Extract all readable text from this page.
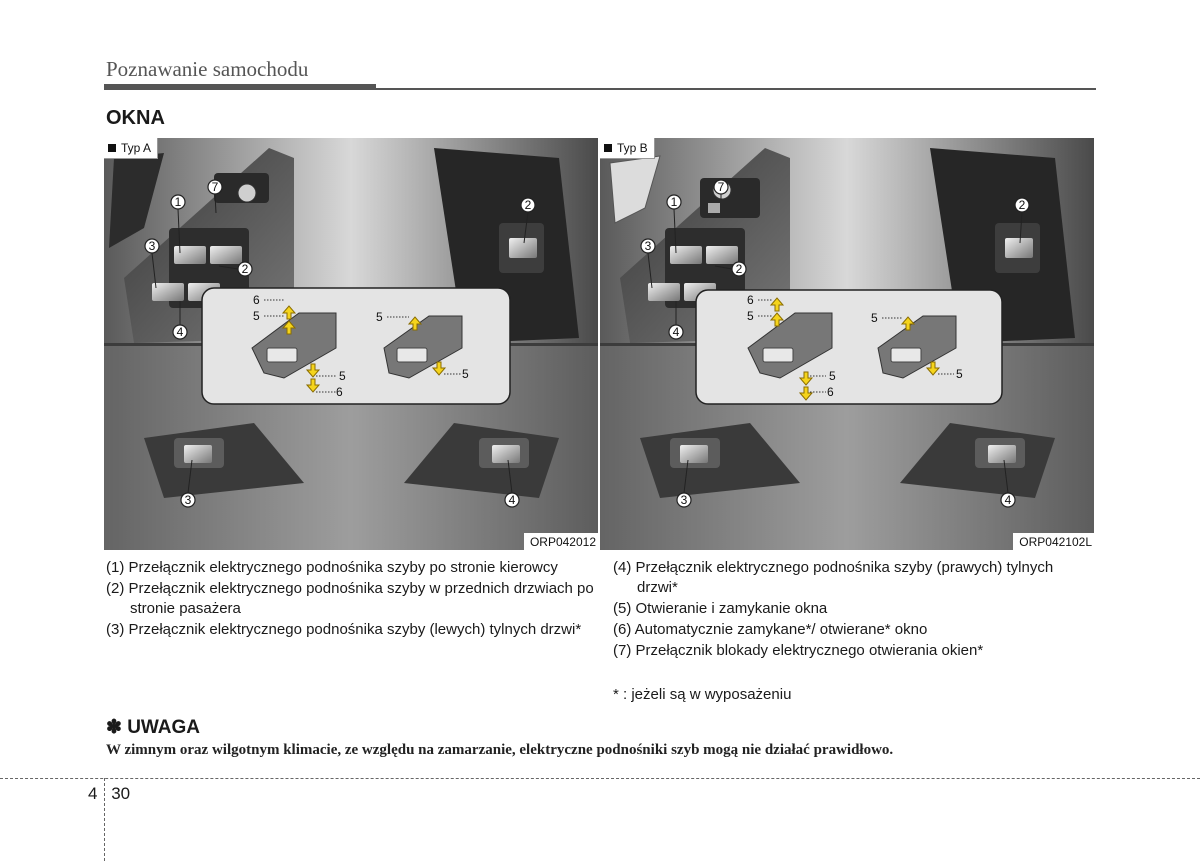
Poznawanie samochodu
OKNA
Typ A
6
5
5
6
5
5
1
7
2
3
4
2
3	4
ORP042012
Typ B
6
5
5
6
5
5
1
7
2
3
4
2
3	4
ORP042102L

(1) Przełącznik elektrycznego podnośnika szyby po stronie kierowcy

(2) Przełącznik elektrycznego podnośnika szyby w przednich drzwiach po stronie pasażera

(3) Przełącznik elektrycznego podnośnika szyby (lewych) tylnych drzwi*

(4) Przełącznik elektrycznego podnośnika szyby (prawych) tylnych drzwi*

(5) Otwieranie i zamykanie okna

(6) Automatycznie zamykane*/ otwierane* okno

(7) Przełącznik blokady elektrycznego otwierania okien*

* : jeżeli są w wyposażeniu
✽ UWAGA
W zimnym oraz wilgotnym klimacie, ze względu na zamarzanie, elektryczne podnośniki szyb mogą nie działać prawidłowo.
4 30
